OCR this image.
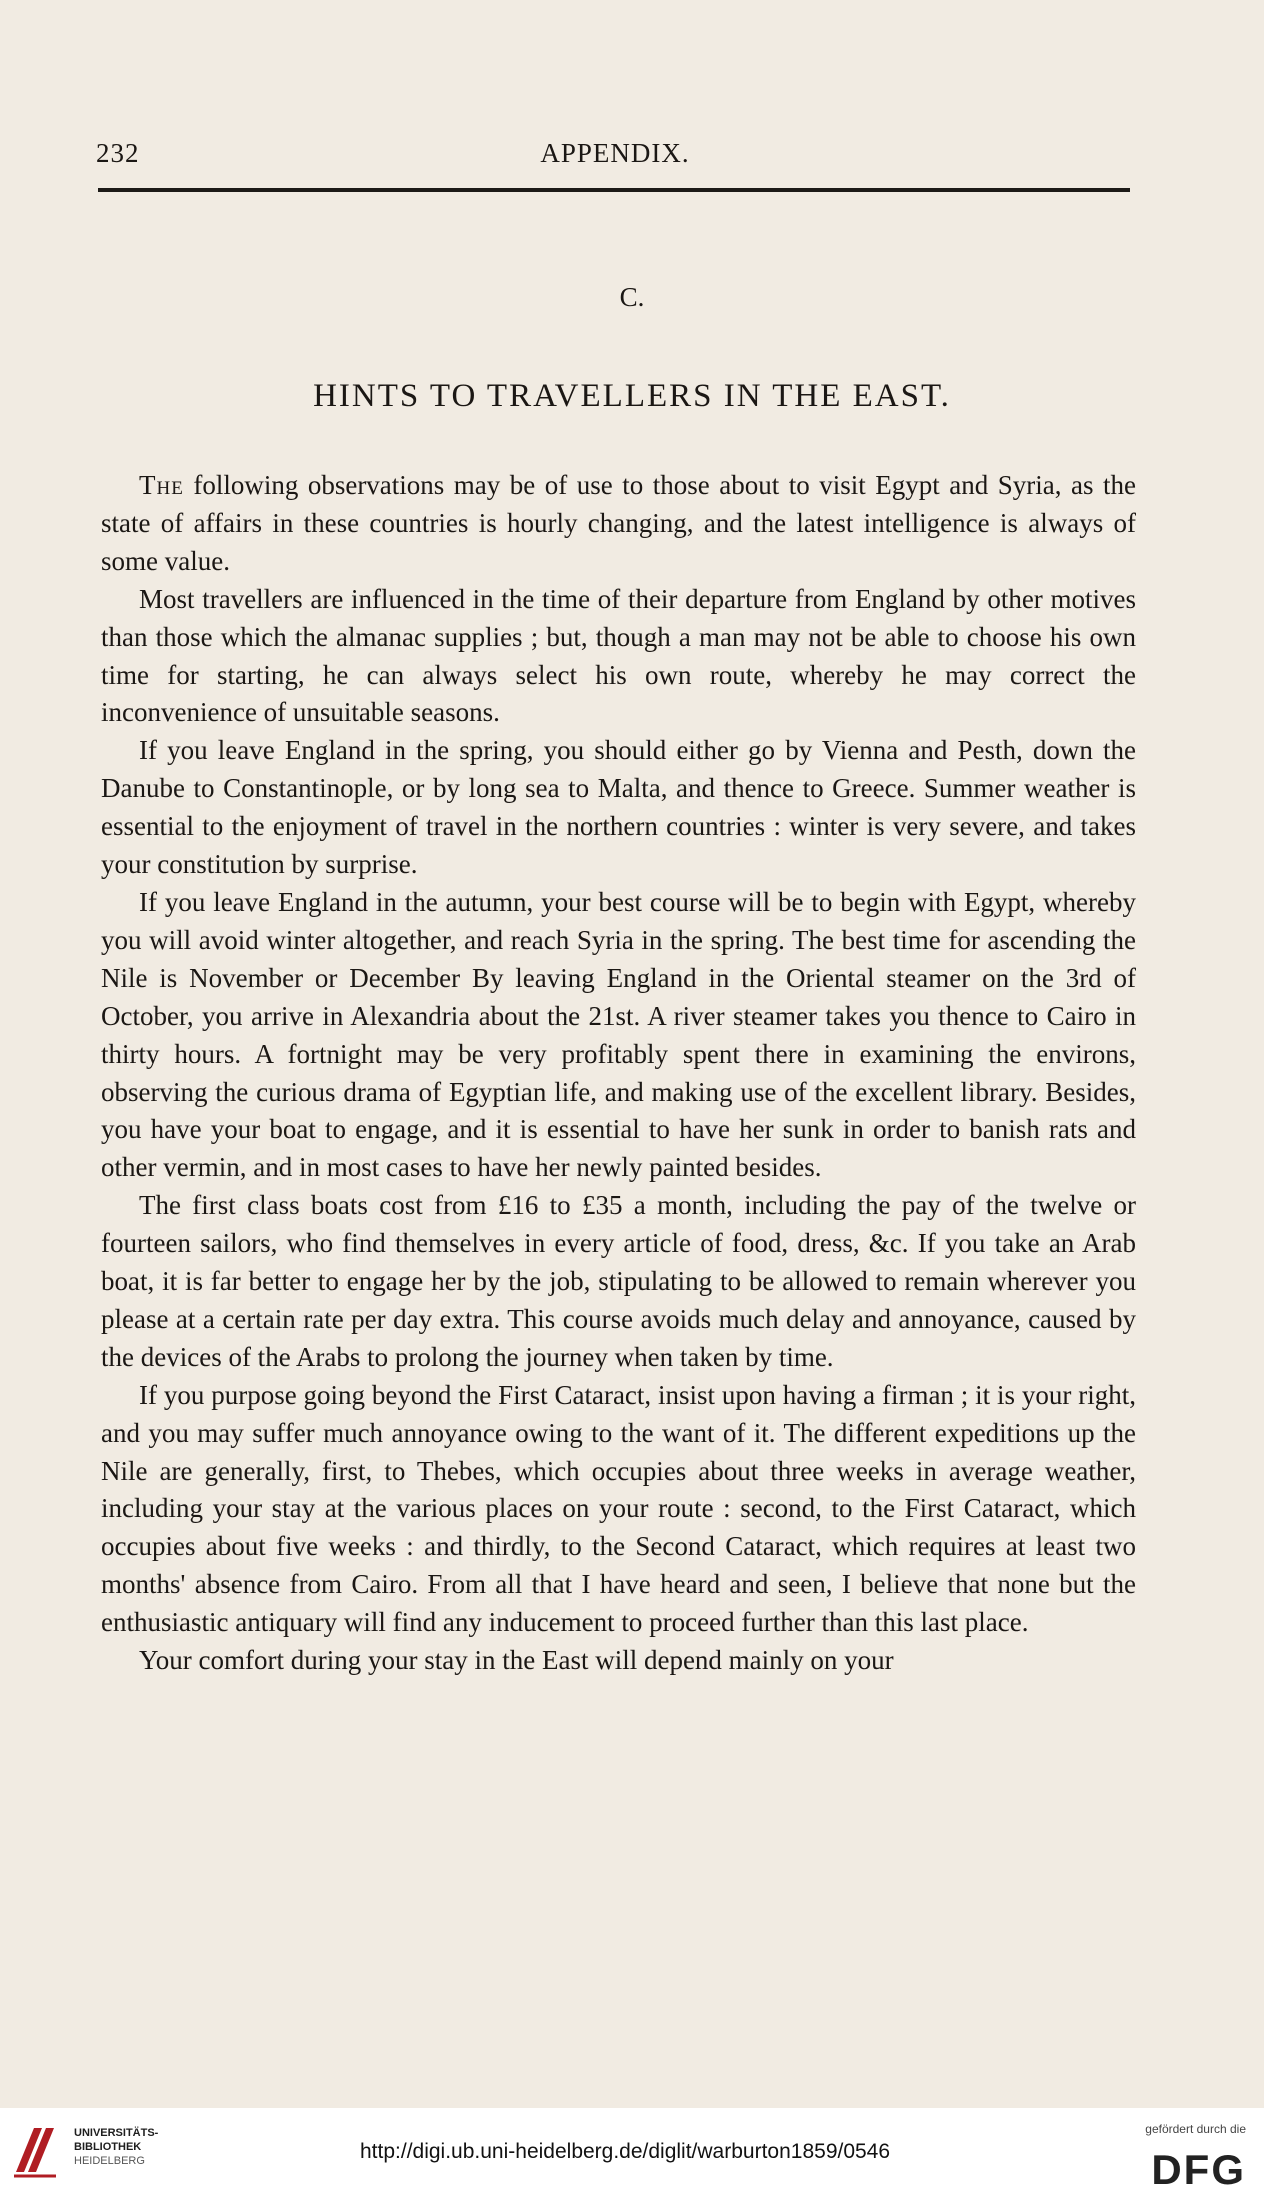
232	APPENDIX.
C.
HINTS TO TRAVELLERS IN THE EAST.

The following observations may be of use to those about to visit Egypt and Syria, as the state of affairs in these countries is hourly changing, and the latest intelligence is always of some value.

Most travellers are influenced in the time of their departure from England by other motives than those which the almanac supplies ; but, though a man may not be able to choose his own time for starting, he can always select his own route, whereby he may correct the inconvenience of unsuitable seasons.

If you leave England in the spring, you should either go by Vienna and Pesth, down the Danube to Constantinople, or by long sea to Malta, and thence to Greece. Summer weather is essential to the enjoyment of travel in the northern countries : winter is very severe, and takes your constitution by surprise.

If you leave England in the autumn, your best course will be to begin with Egypt, whereby you will avoid winter altogether, and reach Syria in the spring. The best time for ascending the Nile is November or December By leaving England in the Oriental steamer on the 3rd of October, you arrive in Alexandria about the 21st. A river steamer takes you thence to Cairo in thirty hours. A fortnight may be very profitably spent there in examining the environs, observing the curious drama of Egyptian life, and making use of the excellent library. Besides, you have your boat to engage, and it is essential to have her sunk in order to banish rats and other vermin, and in most cases to have her newly painted besides.

The first class boats cost from £16 to £35 a month, including the pay of the twelve or fourteen sailors, who find themselves in every article of food, dress, &c. If you take an Arab boat, it is far better to engage her by the job, stipulating to be allowed to remain wherever you please at a certain rate per day extra. This course avoids much delay and annoyance, caused by the devices of the Arabs to prolong the journey when taken by time.

If you purpose going beyond the First Cataract, insist upon having a firman ; it is your right, and you may suffer much annoyance owing to the want of it. The different expeditions up the Nile are generally, first, to Thebes, which occupies about three weeks in average weather, including your stay at the various places on your route : second, to the First Cataract, which occupies about five weeks : and thirdly, to the Second Cataract, which requires at least two months' absence from Cairo. From all that I have heard and seen, I believe that none but the enthusiastic antiquary will find any inducement to proceed further than this last place.

Your comfort during your stay in the East will depend mainly on your

UNIVERSITÄTS-
BIBLIOTHEK
HEIDELBERG	http://digi.ub.uni-heidelberg.de/diglit/warburton1859/0546
gefördert durch die
DFG
